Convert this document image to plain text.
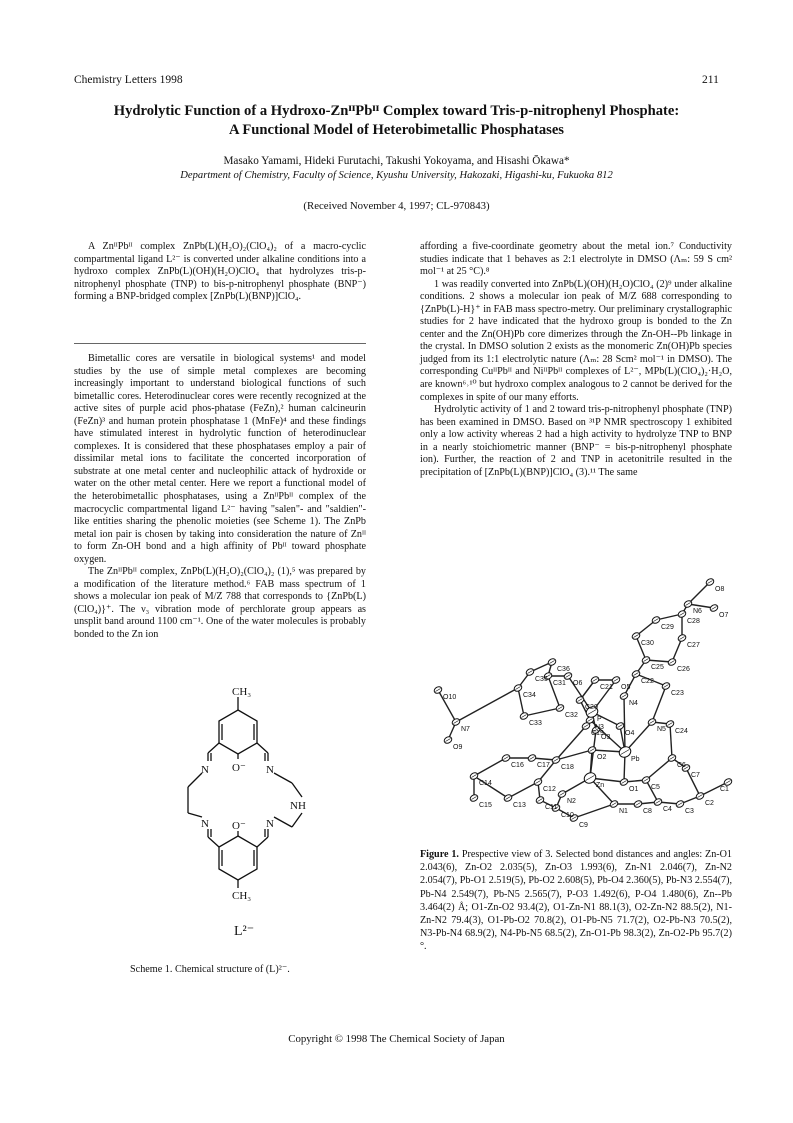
Chemistry Letters 1998	211
Hydrolytic Function of a Hydroxo-ZnᴵᴵPbᴵᴵ Complex toward Tris-p-nitrophenyl Phosphate:
A Functional Model of Heterobimetallic Phosphatases
Masako Yamami, Hideki Furutachi, Takushi Yokoyama, and Hisashi Ōkawa*
Department of Chemistry, Faculty of Science, Kyushu University, Hakozaki, Higashi-ku, Fukuoka 812
(Received November 4, 1997; CL-970843)

A ZnᴵᴵPbᴵᴵ complex ZnPb(L)(H₂O)₂(ClO₄)₂ of a macro-cyclic compartmental ligand L²⁻ is converted under alkaline conditions into a hydroxo complex ZnPb(L)(OH)(H₂O)ClO₄ that hydrolyzes tris-p-nitrophenyl phosphate (TNP) to bis-p-nitrophenyl phosphate (BNP⁻) forming a BNP-bridged complex [ZnPb(L)(BNP)]ClO₄.

Bimetallic cores are versatile in biological systems¹ and model studies by the use of simple metal complexes are becoming increasingly important to understand biological functions of such bimetallic cores. Heterodinuclear cores were recently recognized at the active sites of purple acid phos-phatase (FeZn),² human calcineurin (FeZn)³ and human protein phosphatase 1 (MnFe)⁴ and these findings have stimulated interest in hydrolytic function of heterodinuclear complexes. It is considered that these phosphatases employ a pair of dissimilar metal ions to facilitate the concerted incorporation of substrate at one metal center and nucleophilic attack of hydroxide or water on the other metal center. Here we report a functional model of the heterobimetallic phosphatases, using a ZnᴵᴵPbᴵᴵ complex of the macrocyclic compartmental ligand L²⁻ having "salen"- and "saldien"-like entities sharing the phenolic moieties (see Scheme 1). The ZnPb metal ion pair is chosen by taking into consideration the nature of Znᴵᴵ to form Zn-OH bond and a high affinity of Pbᴵᴵ toward phosphate oxygen.

The ZnᴵᴵPbᴵᴵ complex, ZnPb(L)(H₂O)₂(ClO₄)₂ (1),⁵ was prepared by a modification of the literature method.⁶ FAB mass spectrum of 1 shows a molecular ion peak of M/Z 788 that corresponds to {ZnPb(L)(ClO₄)}⁺. The ν₃ vibration mode of perchlorate group appears as unsplit band around 1100 cm⁻¹. One of the water molecules is probably bonded to the Zn ion

affording a five-coordinate geometry about the metal ion.⁷ Conductivity studies indicate that 1 behaves as 2:1 electrolyte in DMSO (Λₘ: 59 S cm² mol⁻¹ at 25 °C).⁸

1 was readily converted into ZnPb(L)(OH)(H₂O)ClO₄ (2)⁹ under alkaline conditions. 2 shows a molecular ion peak of M/Z 688 corresponding to {ZnPb(L)-H}⁺ in FAB mass spectro-metry. Our preliminary crystallographic studies for 2 have indicated that the hydroxo group is bonded to the Zn center and the Zn(OH)Pb core dimerizes through the Zn-OH--Pb linkage in the crystal. In DMSO solution 2 exists as the monomeric Zn(OH)Pb species judged from its 1:1 electrolytic nature (Λₘ: 28 Scm² mol⁻¹ in DMSO). The corresponding CuᴵᴵPbᴵᴵ and NiᴵᴵPbᴵᴵ complexes of L²⁻, MPb(L)(ClO₄)₂·H₂O, are known⁶˒¹⁰ but hydroxo complex analogous to 2 cannot be derived for the complexes in spite of our many efforts.

Hydrolytic activity of 1 and 2 toward tris-p-nitrophenyl phosphate (TNP) has been examined in DMSO. Based on ³¹P NMR spectroscopy 1 exhibited only a low activity whereas 2 had a high activity to hydrolyze TNP to BNP in a nearly stoichiometric manner (BNP⁻ = bis-p-nitrophenyl phosphate ion). Further, the reaction of 2 and TNP in acetonitrile resulted in the precipitation of [ZnPb(L)(BNP)]ClO₄ (3).¹¹ The same

CH₃
N O⁻ N
NH
N O⁻ N
CH₃
L²⁻
Scheme 1. Chemical structure of (L)²⁻.
O8
N6
O7
C28
C29
C27
C30
C25 C26
C36
C22
C23
C35
C31 O6
C21 O5
O10	C34
C20
N4
N7
C33
C32
N3
C19
O3
P
O4
N5 C24
O9
O2
C16 C17 C18
Pb
C6
C7
C14
C5	C1
C12
Zn
O1
C2
C15	C13
N2
C11
C10
C9
N1 C8 C4 C3
Figure 1. Prespective view of 3. Selected bond distances and angles: Zn-O1 2.043(6), Zn-O2 2.035(5), Zn-O3 1.993(6), Zn-N1 2.046(7), Zn-N2 2.054(7), Pb-O1 2.519(5), Pb-O2 2.608(5), Pb-O4 2.360(5), Pb-N3 2.554(7), Pb-N4 2.549(7), Pb-N5 2.565(7), P-O3 1.492(6), P-O4 1.480(6), Zn--Pb 3.464(2) Å; O1-Zn-O2 93.4(2), O1-Zn-N1 88.1(3), O2-Zn-N2 88.5(2), N1-Zn-N2 79.4(3), O1-Pb-O2 70.8(2), O1-Pb-N5 71.7(2), O2-Pb-N3 70.5(2), N3-Pb-N4 68.9(2), N4-Pb-N5 68.5(2), Zn-O1-Pb 98.3(2), Zn-O2-Pb 95.7(2)°.
Copyright © 1998 The Chemical Society of Japan
